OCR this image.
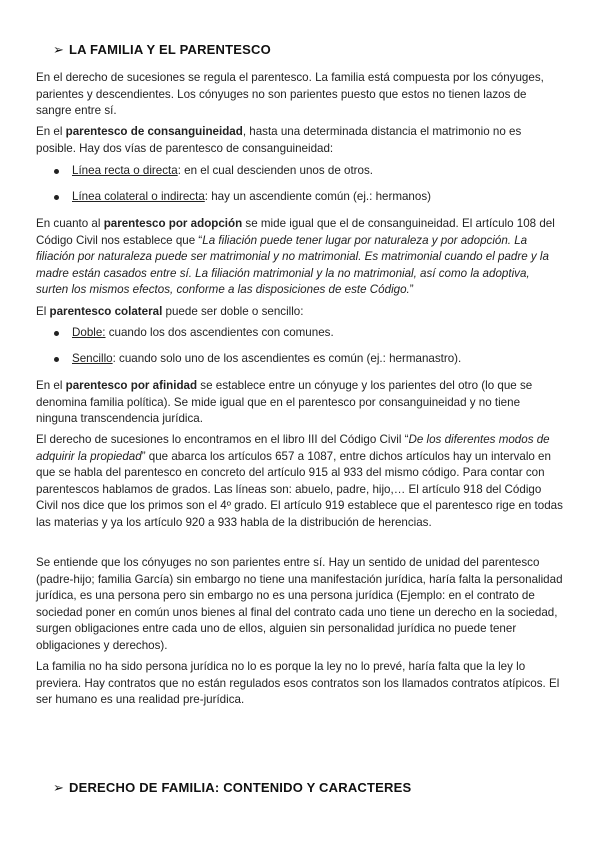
➢ LA FAMILIA Y EL PARENTESCO

En el derecho de sucesiones se regula el parentesco. La familia está compuesta por los cónyuges, parientes y descendientes. Los cónyuges no son parientes puesto que estos no tienen lazos de sangre entre sí.

En el parentesco de consanguineidad, hasta una determinada distancia el matrimonio no es posible. Hay dos vías de parentesco de consanguineidad:

Línea recta o directa: en el cual descienden unos de otros.
Línea colateral o indirecta: hay un ascendiente común (ej.: hermanos)

En cuanto al parentesco por adopción se mide igual que el de consanguineidad. El artículo 108 del Código Civil nos establece que “La filiación puede tener lugar por naturaleza y por adopción. La filiación por naturaleza puede ser matrimonial y no matrimonial. Es matrimonial cuando el padre y la madre están casados entre sí. La filiación matrimonial y la no matrimonial, así como la adoptiva, surten los mismos efectos, conforme a las disposiciones de este Código.”

El parentesco colateral puede ser doble o sencillo:

Doble: cuando los dos ascendientes con comunes.
Sencillo: cuando solo uno de los ascendientes es común (ej.: hermanastro).

En el parentesco por afinidad se establece entre un cónyuge y los parientes del otro (lo que se denomina familia política). Se mide igual que en el parentesco por consanguineidad y no tiene ninguna transcendencia jurídica.

El derecho de sucesiones lo encontramos en el libro III del Código Civil “De los diferentes modos de adquirir la propiedad” que abarca los artículos 657 a 1087, entre dichos artículos hay un intervalo en que se habla del parentesco en concreto del artículo 915 al 933 del mismo código. Para contar con parentescos hablamos de grados. Las líneas son: abuelo, padre, hijo,… El artículo 918 del Código Civil nos dice que los primos son el 4º grado. El artículo 919 establece que el parentesco rige en todas las materias y ya los artículo 920 a 933 habla de la distribución de herencias.

Se entiende que los cónyuges no son parientes entre sí. Hay un sentido de unidad del parentesco (padre-hijo; familia García) sin embargo no tiene una manifestación jurídica, haría falta la personalidad jurídica, es una persona pero sin embargo no es una persona jurídica (Ejemplo: en el contrato de sociedad poner en común unos bienes al final del contrato cada uno tiene un derecho en la sociedad, surgen obligaciones entre cada uno de ellos, alguien sin personalidad jurídica no puede tener obligaciones y derechos).

La familia no ha sido persona jurídica no lo es porque la ley no lo prevé, haría falta que la ley lo previera. Hay contratos que no están regulados esos contratos son los llamados contratos atípicos. El ser humano es una realidad pre-jurídica.

➢ DERECHO DE FAMILIA: CONTENIDO Y CARACTERES
